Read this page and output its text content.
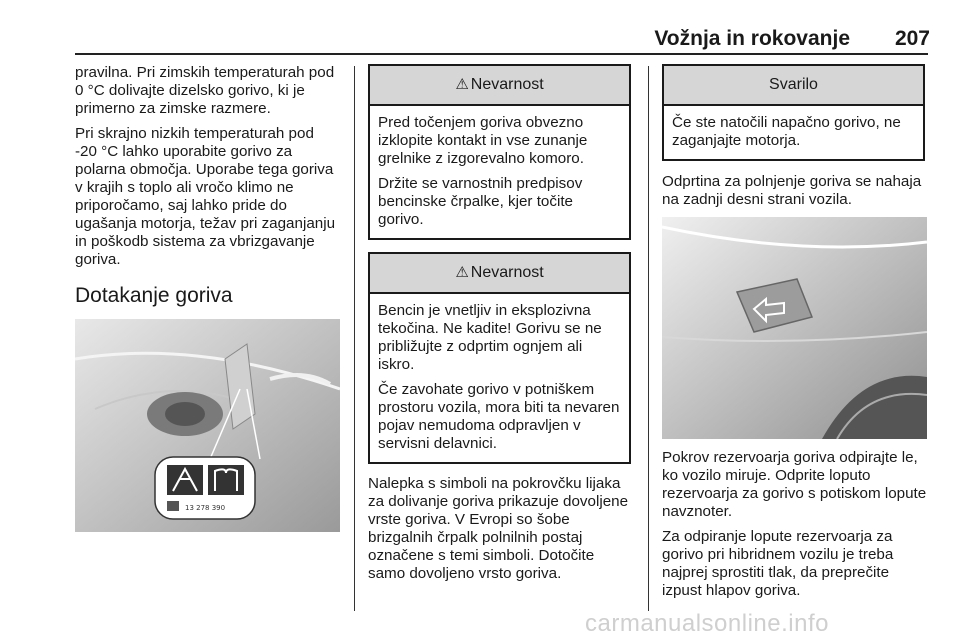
Vožnja in rokovanje 207

pravilna. Pri zimskih temperaturah pod 0 °C dolivajte dizelsko gorivo, ki je primerno za zimske razmere.

Pri skrajno nizkih temperaturah pod -20 °C lahko uporabite gorivo za polarna območja. Uporabe tega goriva v krajih s toplo ali vročo klimo ne priporočamo, saj lahko pride do ugašanja motorja, težav pri zaganjanju in poškodb sistema za vbrizgavanje goriva.

Dotakanje goriva
13 278 390
⚠ Nevarnost

Pred točenjem goriva obvezno izklopite kontakt in vse zunanje grelnike z izgorevalno komoro.

Držite se varnostnih predpisov bencinske črpalke, kjer točite gorivo.

⚠ Nevarnost

Bencin je vnetljiv in eksplozivna tekočina. Ne kadite! Gorivu se ne približujte z odprtim ognjem ali iskro.

Če zavohate gorivo v potniškem prostoru vozila, mora biti ta nevaren pojav nemudoma odpravljen v servisni delavnici.

Nalepka s simboli na pokrovčku lijaka za dolivanje goriva prikazuje dovoljene vrste goriva. V Evropi so šobe brizgalnih črpalk polnilnih postaj označene s temi simboli. Dotočite samo dovoljeno vrsto goriva.

Svarilo

Če ste natočili napačno gorivo, ne zaganjajte motorja.

Odprtina za polnjenje goriva se nahaja na zadnji desni strani vozila.

Pokrov rezervoarja goriva odpirajte le, ko vozilo miruje. Odprite loputo rezervoarja za gorivo s potiskom lopute navznoter.

Za odpiranje lopute rezervoarja za gorivo pri hibridnem vozilu je treba najprej sprostiti tlak, da preprečite izpust hlapov goriva.

carmanualsonline.info
